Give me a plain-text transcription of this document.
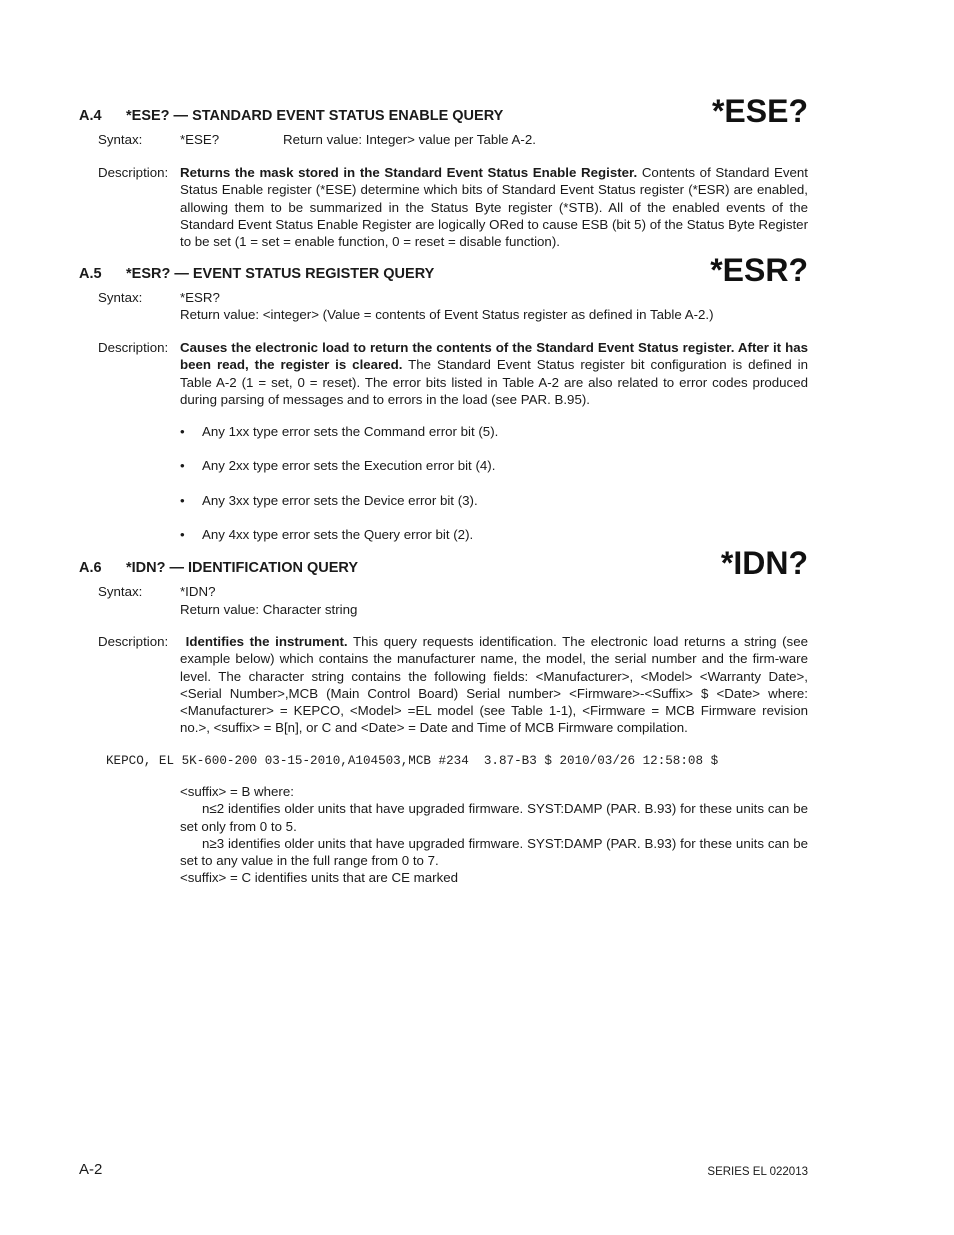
*ESE?
A.4 *ESE? — STANDARD EVENT STATUS ENABLE QUERY
Syntax:	*ESE?	Return value: Integer> value per Table A-2.
Description: Returns the mask stored in the Standard Event Status Enable Register. Contents of Standard Event Status Enable register (*ESE) determine which bits of Standard Event Status register (*ESR) are enabled, allowing them to be summarized in the Status Byte register (*STB). All of the enabled events of the Standard Event Status Enable Register are logically ORed to cause ESB (bit 5) of the Status Byte Register to be set (1 = set = enable function, 0 = reset = disable function).
*ESR?
A.5 *ESR? — EVENT STATUS REGISTER QUERY
Syntax:	*ESR?
Return value: <integer> (Value = contents of Event Status register as defined in Table A-2.)
Description: Causes the electronic load to return the contents of the Standard Event Status register. After it has been read, the register is cleared. The Standard Event Status register bit configuration is defined in Table A-2 (1 = set, 0 = reset). The error bits listed in Table A-2 are also related to error codes produced during parsing of messages and to errors in the load (see PAR. B.95).
• Any 1xx type error sets the Command error bit (5).
• Any 2xx type error sets the Execution error bit (4).
• Any 3xx type error sets the Device error bit (3).
• Any 4xx type error sets the Query error bit (2).
*IDN?
A.6 *IDN? — IDENTIFICATION QUERY
Syntax:	*IDN?
Return value: Character string
Description:	Identifies the instrument. This query requests identification. The electronic load returns a string (see example below) which contains the manufacturer name, the model, the serial number and the firm-ware level. The character string contains the following fields: <Manufacturer>, <Model> <Warranty Date>,<Serial Number>,MCB (Main Control Board) Serial number> <Firmware>-<Suffix> $ <Date> where: <Manufacturer> = KEPCO, <Model> =EL model (see Table 1-1), <Firmware = MCB Firmware revision no.>, <suffix> = B[n], or C and <Date> = Date and Time of MCB Firmware compilation.
KEPCO, EL 5K-600-200 03-15-2010,A104503,MCB #234  3.87-B3 $ 2010/03/26 12:58:08 $
<suffix> = B where:
n≤2 identifies older units that have upgraded firmware. SYST:DAMP (PAR. B.93) for these units can be set only from 0 to 5.
n≥3 identifies older units that have upgraded firmware. SYST:DAMP (PAR. B.93) for these units can be set to any value in the full range from 0 to 7.
<suffix> = C identifies units that are CE marked
A-2	SERIES EL 022013
